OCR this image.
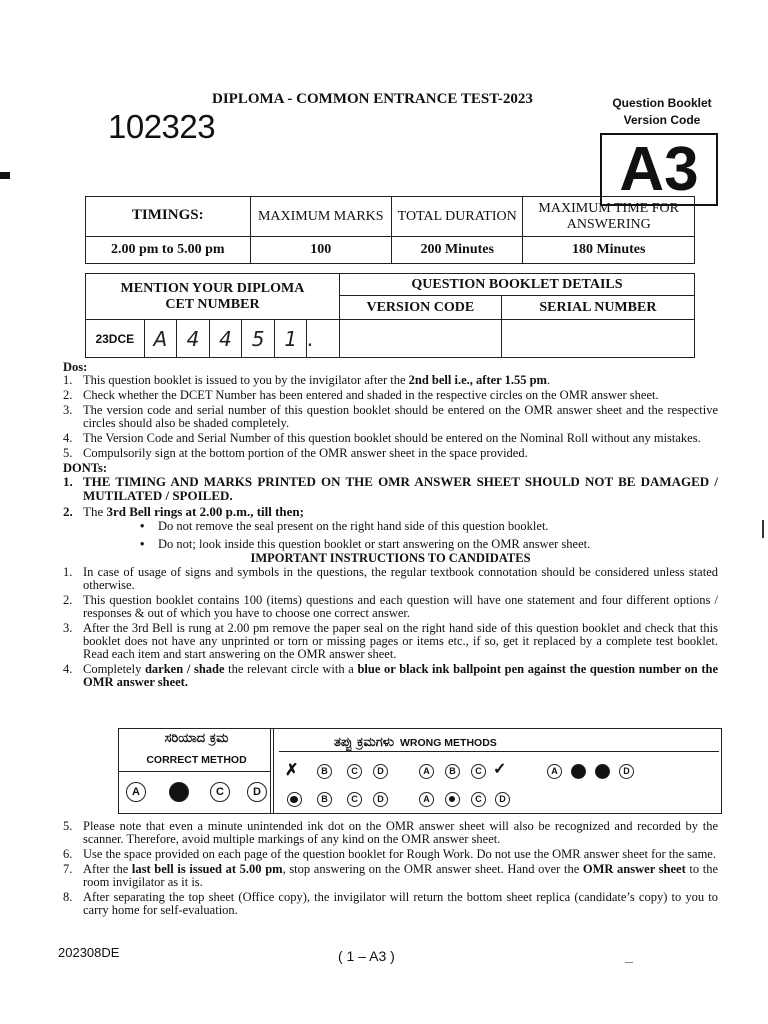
102323
DIPLOMA - COMMON ENTRANCE TEST-2023	Question Booklet
Version Code
A3
TIMINGS:	MAXIMUM MARKS	TOTAL DURATION	MAXIMUM TIME FOR ANSWERING
2.00 pm to 5.00 pm	100	200 Minutes	180 Minutes
MENTION YOUR DIPLOMA
CET NUMBER							QUESTION BOOKLET DETAILS	
							VERSION CODE	SERIAL NUMBER
23DCE	A	4	4	5	1	.		
Dos:
1. This question booklet is issued to you by the invigilator after the 2nd bell i.e., after 1.55 pm.
2. Check whether the DCET Number has been entered and shaded in the respective circles on the OMR answer sheet.
3. The version code and serial number of this question booklet should be entered on the OMR answer sheet and the respective circles should also be shaded completely.
4. The Version Code and Serial Number of this question booklet should be entered on the Nominal Roll without any mistakes.
5. Compulsorily sign at the bottom portion of the OMR answer sheet in the space provided.
DONTs:
1. THE TIMING AND MARKS PRINTED ON THE OMR ANSWER SHEET SHOULD NOT BE DAMAGED / MUTILATED / SPOILED.
2. The 3rd Bell rings at 2.00 p.m., till then;
• Do not remove the seal present on the right hand side of this question booklet.
• Do not; look inside this question booklet or start answering on the OMR answer sheet.
IMPORTANT INSTRUCTIONS TO CANDIDATES
1. In case of usage of signs and symbols in the questions, the regular textbook connotation should be considered unless stated otherwise.
2. This question booklet contains 100 (items) questions and each question will have one statement and four different options / responses & out of which you have to choose one correct answer.
3. After the 3rd Bell is rung at 2.00 pm remove the paper seal on the right hand side of this question booklet and check that this booklet does not have any unprinted or torn or missing pages or items etc., if so, get it replaced by a complete test booklet. Read each item and start answering on the OMR answer sheet.
4. Completely darken / shade the relevant circle with a blue or black ink ballpoint pen against the question number on the OMR answer sheet.
ಸರಿಯಾದ ಕ್ರಮ
CORRECT METHOD
A	C	D
ತಪ್ಪು ಕ್ರಮಗಳು WRONG METHODS
✗	B	C	D	A	B	C ✓	A	D
B	C	D	A	C	D
5. Please note that even a minute unintended ink dot on the OMR answer sheet will also be recognized and recorded by the scanner. Therefore, avoid multiple markings of any kind on the OMR answer sheet.
6. Use the space provided on each page of the question booklet for Rough Work. Do not use the OMR answer sheet for the same.
7. After the last bell is issued at 5.00 pm, stop answering on the OMR answer sheet. Hand over the OMR answer sheet to the room invigilator as it is.
8. After separating the top sheet (Office copy), the invigilator will return the bottom sheet replica (candidate’s copy) to you to carry home for self-evaluation.
202308DE	( 1 – A3 )
